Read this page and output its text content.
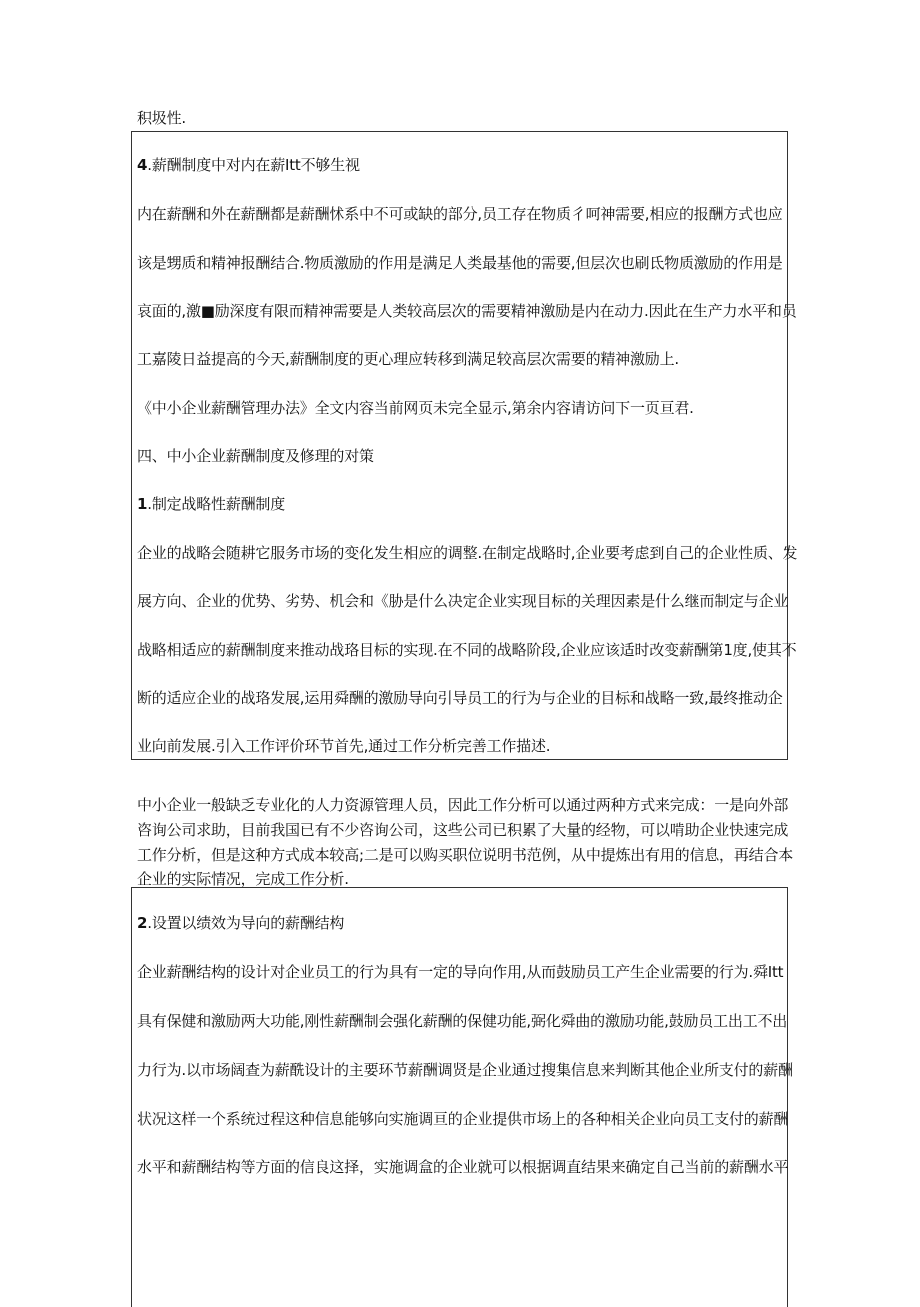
积圾性.

4.薪酬制度中对内在薪Itt不够生视

内在薪酬和外在薪酬都是薪酬怵系中不可或缺的部分,员工存在物质彳呵神需要,相应的报酬方式也应

该是甥质和精神报酬结合.物质激励的作用是满足人类最基他的需要,但层次也刷氐物质激励的作用是

哀面的,激■励深度有限而精神需要是人类较高层次的需要精神激励是内在动力.因此在生产力水平和员

工嘉陵日益提高的今天,薪酬制度的更心理应转移到满足较高层次需要的精神激励上.

《中小企业薪酬管理办法》全文内容当前网页未完全显示,第余内容请访问下一页亘君.

四、中小企业薪酬制度及修理的对策

1.制定战略性薪酬制度

企业的战略会随耕它服务市场的变化发生相应的调整.在制定战略时,企业要考虑到自己的企业性质、发

展方向、企业的优势、劣势、机会和《胁是什么决定企业实现目标的关理因素是什么继而制定与企业

战略相适应的薪酬制度来推动战珞目标的实现.在不同的战略阶段,企业应该适时改变薪酬第1度,使其不

断的适应企业的战珞发展,运用舜酬的激励导向引导员工的行为与企业的目标和战略一致,最终推动企

业向前发展.引入工作评价环节首先,通过工作分析完善工作描述.

中小企业一般缺乏专业化的人力资源管理人员，因此工作分析可以通过两种方式来完成：一是向外部

咨询公司求助，目前我国已有不少咨询公司，这些公司已积累了大量的经物，可以啃助企业快速完成

工作分析，但是这种方式成本较高;二是可以购买职位说明书范例，从中提炼出有用的信息，再结合本

企业的实际情况，完成工作分析.

2.设置以绩效为导向的薪酬结构

企业薪酬结构的设计对企业员工的行为具有一定的导向作用,从而鼓励员工产生企业需要的行为.舜Itt

具有保健和激励两大功能,刚性薪酬制会强化薪酬的保健功能,弼化舜曲的激励功能,鼓励员工出工不出

力行为.以市场阔查为薪酰设计的主要环节薪酬调贤是企业通过搜集信息来判断其他企业所支付的薪酬

状况这样一个系统过程这种信息能够向实施调亘的企业提供市场上的各种相关企业向员工支付的薪酬

水平和薪酬结构等方面的信良这择，实施调盒的企业就可以根据调直结果来确定自己当前的薪酬水平
